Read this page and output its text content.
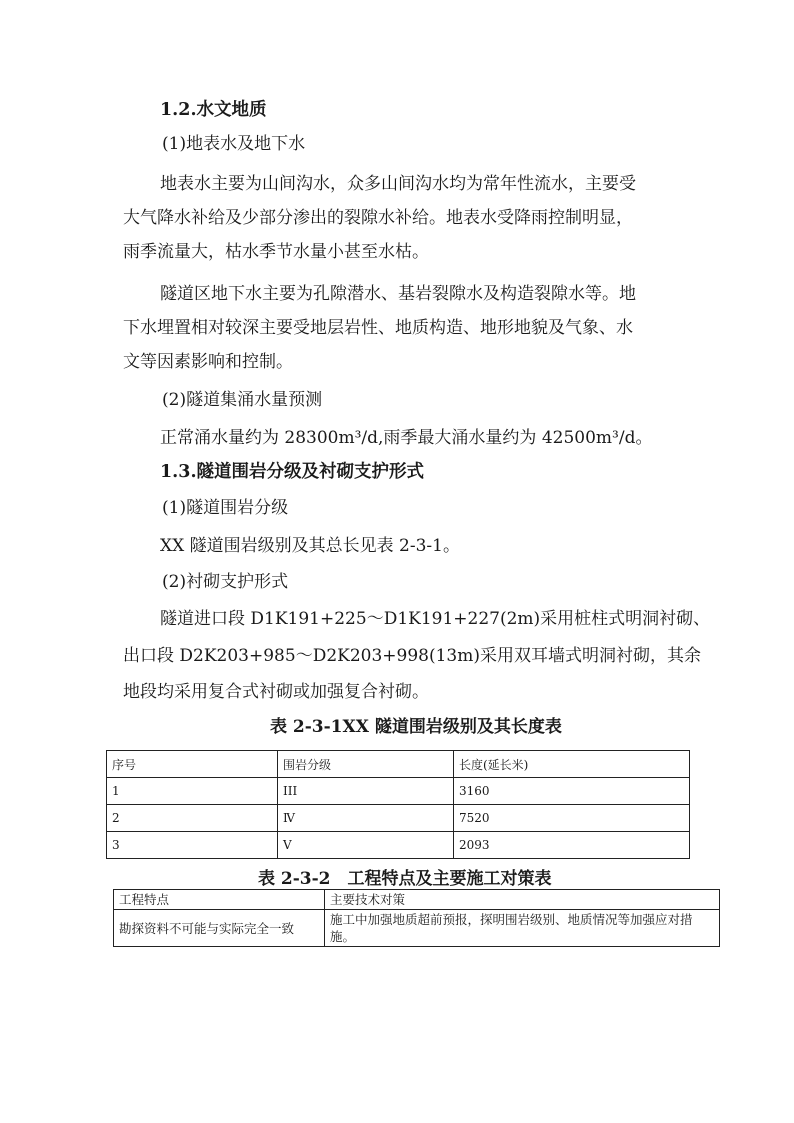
1.2.水文地质
(1)地表水及地下水
地表水主要为山间沟水，众多山间沟水均为常年性流水，主要受
大气降水补给及少部分渗出的裂隙水补给。地表水受降雨控制明显，
雨季流量大，枯水季节水量小甚至水枯。
隧道区地下水主要为孔隙潜水、基岩裂隙水及构造裂隙水等。地
下水埋置相对较深主要受地层岩性、地质构造、地形地貌及气象、水
文等因素影响和控制。
(2)隧道集涌水量预测
正常涌水量约为 28300m³/d,雨季最大涌水量约为 42500m³/d。
1.3.隧道围岩分级及衬砌支护形式
(1)隧道围岩分级
XX 隧道围岩级别及其总长见表 2-3-1。
(2)衬砌支护形式
隧道进口段 D1K191+225～D1K191+227(2m)采用桩柱式明洞衬砌、
出口段 D2K203+985～D2K203+998(13m)采用双耳墙式明洞衬砌，其余
地段均采用复合式衬砌或加强复合衬砌。
表 2-3-1XX 隧道围岩级别及其长度表
序号	围岩分级	长度(延长米)
1	III	3160
2	Ⅳ	7520
3	Ⅴ	2093
表 2-3-2　工程特点及主要施工对策表
工程特点	主要技术对策
勘探资料不可能与实际完全一致	施工中加强地质超前预报，探明围岩级别、地质情况等加强应对措施。
